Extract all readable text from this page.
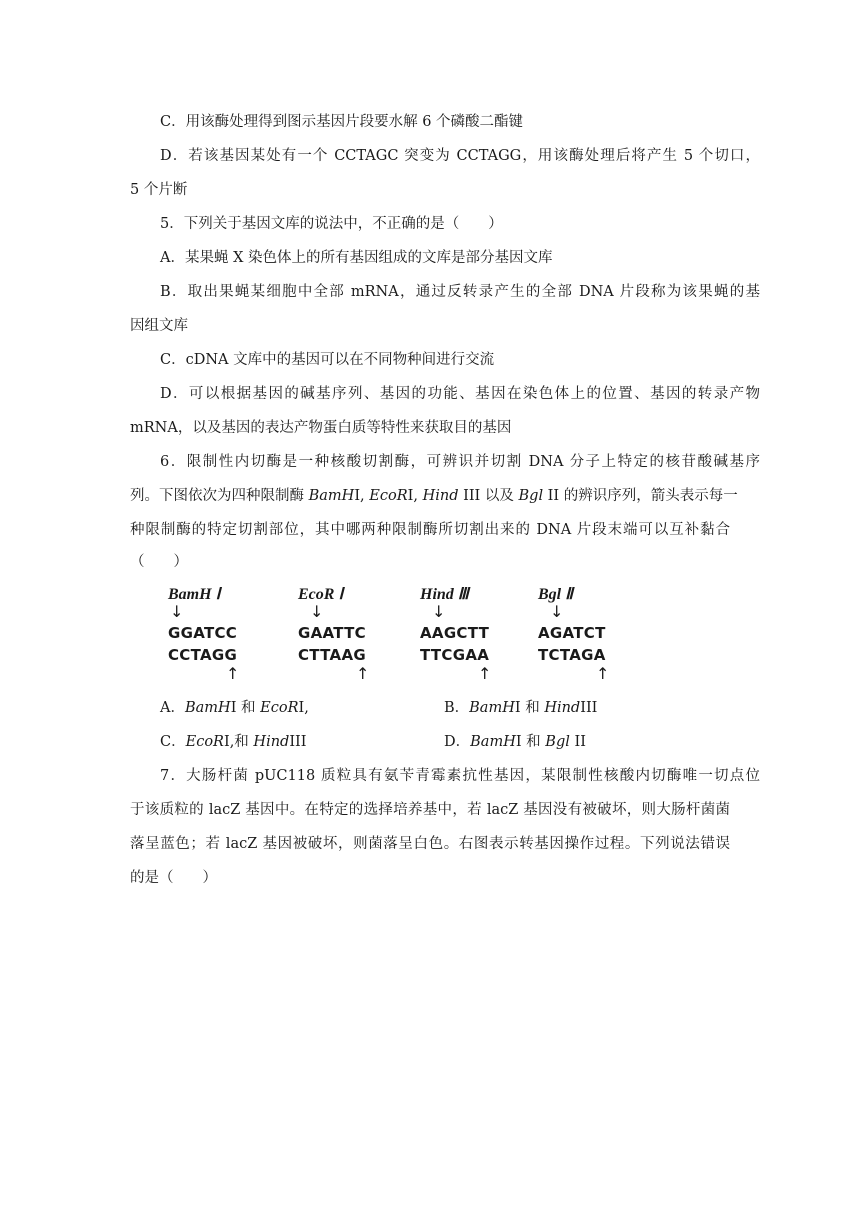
C．用该酶处理得到图示基因片段要水解 6 个磷酸二酯键
D．若该基因某处有一个 CCTAGC 突变为 CCTAGG，用该酶处理后将产生 5 个切口，
5 个片断
5．下列关于基因文库的说法中，不正确的是（　　）
A．某果蝇 X 染色体上的所有基因组成的文库是部分基因文库
B．取出果蝇某细胞中全部 mRNA，通过反转录产生的全部 DNA 片段称为该果蝇的基
因组文库
C．cDNA 文库中的基因可以在不同物种间进行交流
D．可以根据基因的碱基序列、基因的功能、基因在染色体上的位置、基因的转录产物
mRNA，以及基因的表达产物蛋白质等特性来获取目的基因
6．限制性内切酶是一种核酸切割酶，可辨识并切割 DNA 分子上特定的核苷酸碱基序
列。下图依次为四种限制酶 BamHI, EcoRI, Hind III 以及 Bgl II 的辨识序列，箭头表示每一
种限制酶的特定切割部位，其中哪两种限制酶所切割出来的 DNA 片段末端可以互补黏合
（　　）
BamH Ⅰ
↓
GGATCC
CCTAGG
↑
EcoR Ⅰ
↓
GAATTC
CTTAAG
↑
Hind Ⅲ
↓
AAGCTT
TTCGAA
↑
Bgl Ⅱ
↓
AGATCT
TCTAGA
↑
A．BamHI 和 EcoRI,	B．BamHI 和 HindIII
C．EcoRI,和 HindIII	D．BamHI 和 Bgl II
7．大肠杆菌 pUC118 质粒具有氨苄青霉素抗性基因，某限制性核酸内切酶唯一切点位
于该质粒的 lacZ 基因中。在特定的选择培养基中，若 lacZ 基因没有被破坏，则大肠杆菌菌
落呈蓝色；若 lacZ 基因被破坏，则菌落呈白色。右图表示转基因操作过程。下列说法错误
的是（　　）
